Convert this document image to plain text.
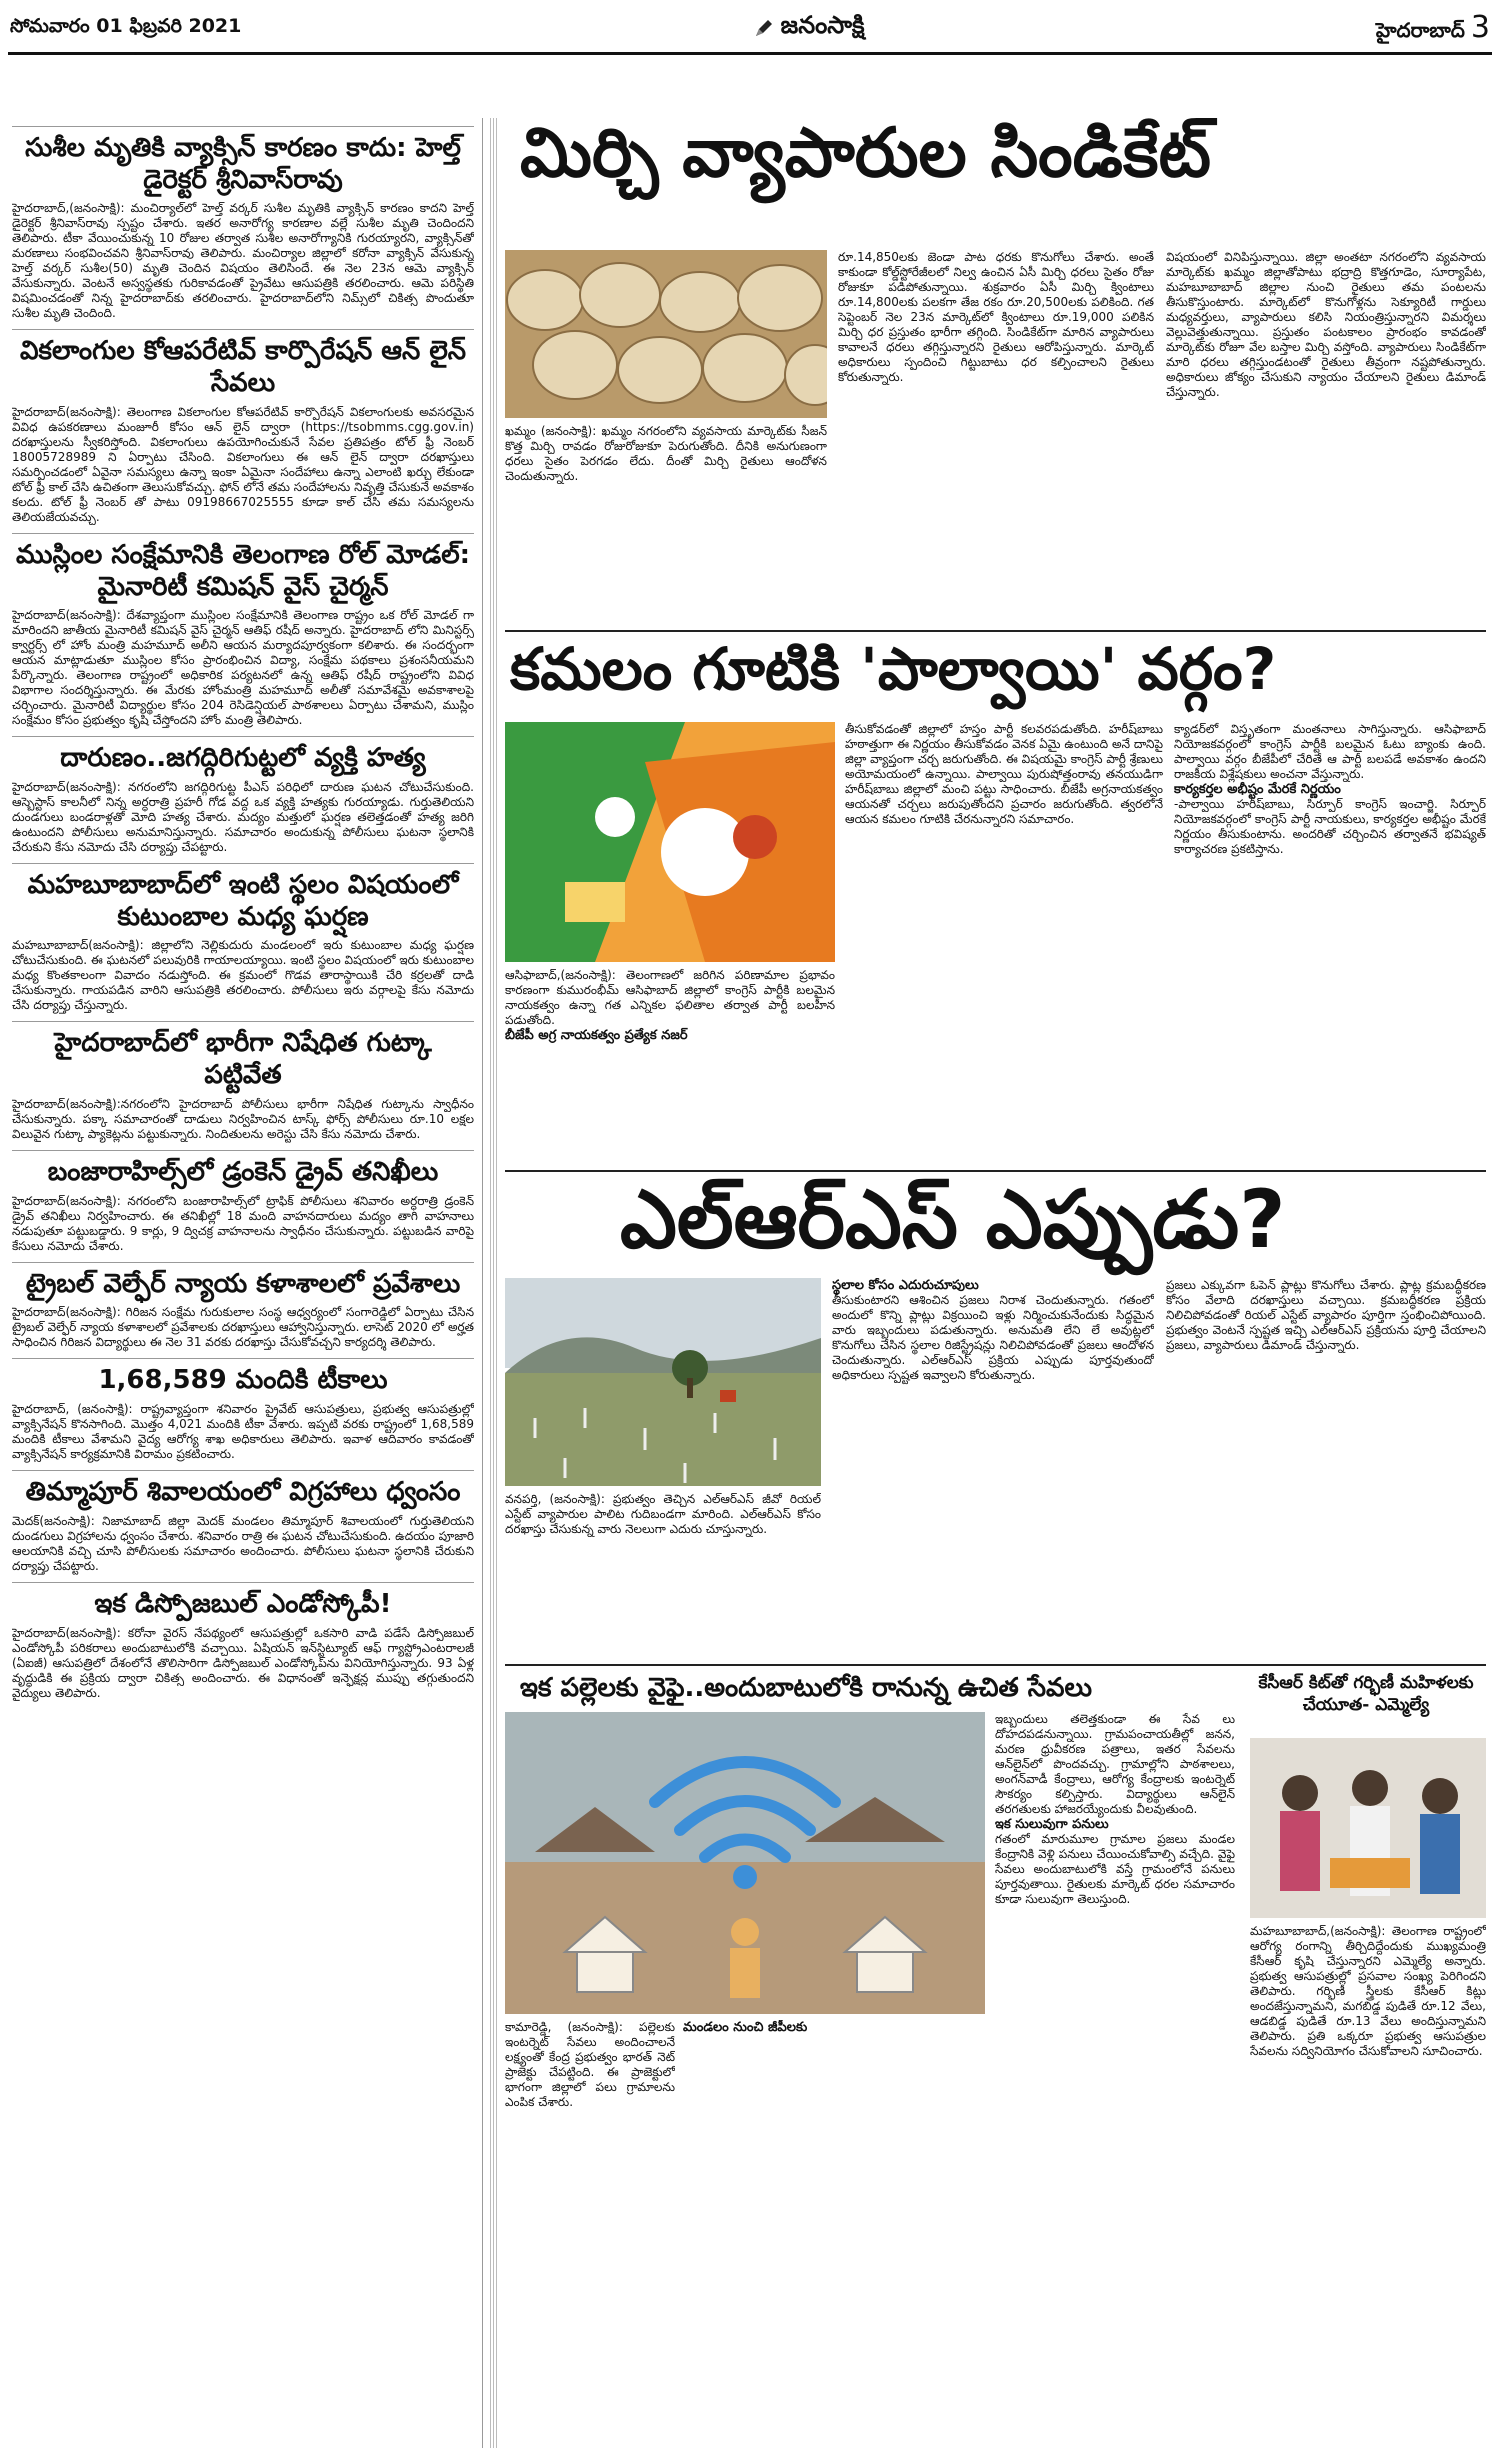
సోమవారం 01 ఫిబ్రవరి 2021	జనంసాక్షి	హైదరాబాద్ 3
సుశీల మృతికి వ్యాక్సిన్ కారణం కాదు: హెల్త్ డైరెక్టర్ శ్రీనివాస్‌రావు

హైదరాబాద్,(జనంసాక్షి): మంచిర్యాల్‌లో హెల్త్ వర్కర్ సుశీల మృతికి వ్యాక్సిన్ కారణం కాదని హెల్త్ డైరెక్టర్ శ్రీనివాస్‌రావు స్పష్టం చేశారు. ఇతర అనారోగ్య కారణాల వల్లే సుశీల మృతి చెందిందని తెలిపారు. టీకా వేయించుకున్న 10 రోజుల తర్వాత సుశీల అనారోగ్యానికి గురయ్యారని, వ్యాక్సిన్‌తో మరణాలు సంభవించవని శ్రీనివాస్‌రావు తెలిపారు. మంచిర్యాల జిల్లాలో కరోనా వ్యాక్సిన్ వేసుకున్న హెల్త్ వర్కర్ సుశీల(50) మృతి చెందిన విషయం తెలిసిందే. ఈ నెల 23న ఆమె వ్యాక్సిన్ వేసుకున్నారు. వెంటనే అస్వస్థతకు గురికావడంతో ప్రైవేటు ఆసుపత్రికి తరలించారు. ఆమె పరిస్థితి విషమించడంతో నిన్న హైదరాబాద్‌కు తరలించారు. హైదరాబాద్‌లోని నిమ్స్‌లో చికిత్స పొందుతూ సుశీల మృతి చెందింది.

వికలాంగుల కోఆపరేటివ్ కార్పొరేషన్ ఆన్ లైన్ సేవలు

హైదరాబాద్(జనంసాక్షి): తెలంగాణ వికలాంగుల కోఆపరేటివ్ కార్పొరేషన్ వికలాంగులకు అవసరమైన వివిధ ఉపకరణాలు మంజూరీ కోసం ఆన్ లైన్ ద్వారా (https://tsobmms.cgg.gov.in) దరఖాస్తులను స్వీకరిస్తోంది. వికలాంగులు ఉపయోగించుకునే సేవల ప్రతిపత్రం టోల్ ఫ్రీ నెంబర్ 18005728989 ని ఏర్పాటు చేసింది. వికలాంగులు ఈ ఆన్ లైన్ ద్వారా దరఖాస్తులు సమర్పించడంలో ఏవైనా సమస్యలు ఉన్నా ఇంకా ఏమైనా సందేహాలు ఉన్నా ఎలాంటి ఖర్చు లేకుండా టోల్ ఫ్రీ కాల్ చేసి ఉచితంగా తెలుసుకోవచ్చు. ఫోన్ లోనే తమ సందేహాలను నివృత్తి చేసుకునే అవకాశం కలదు. టోల్ ఫ్రీ నెంబర్ తో పాటు 09198667025555 కూడా కాల్ చేసి తమ సమస్యలను తెలియజేయవచ్చు.

ముస్లింల సంక్షేమానికి తెలంగాణ రోల్ మోడల్: మైనారిటీ కమిషన్ వైస్ చైర్మన్

హైదరాబాద్(జనంసాక్షి): దేశవ్యాప్తంగా ముస్లింల సంక్షేమానికి తెలంగాణ రాష్ట్రం ఒక రోల్ మోడల్ గా మారిందని జాతీయ మైనారిటీ కమిషన్ వైస్ చైర్మన్ ఆతిఫ్ రషీద్ అన్నారు. హైదరాబాద్ లోని మినిస్టర్స్ క్వార్టర్స్ లో హోం మంత్రి మహమూద్ అలీని ఆయన మర్యాదపూర్వకంగా కలిశారు. ఈ సందర్భంగా ఆయన మాట్లాడుతూ ముస్లింల కోసం ప్రారంభించిన విద్యా, సంక్షేమ పథకాలు ప్రశంసనీయమని పేర్కొన్నారు. తెలంగాణ రాష్ట్రంలో అధికారిక పర్యటనలో ఉన్న ఆతిఫ్ రషీద్ రాష్ట్రంలోని వివిధ విభాగాల సందర్శిస్తున్నారు. ఈ మేరకు హోంమంత్రి మహమూద్ అలీతో సమావేశమై అవకాశాలపై చర్చించారు. మైనారిటీ విద్యార్థుల కోసం 204 రెసిడెన్షియల్ పాఠశాలలు ఏర్పాటు చేశామని, ముస్లిం సంక్షేమం కోసం ప్రభుత్వం కృషి చేస్తోందని హోం మంత్రి తెలిపారు.

దారుణం..జగద్గిరిగుట్టలో వ్యక్తి హత్య

హైదరాబాద్(జనంసాక్షి): నగరంలోని జగద్గిరిగుట్ట పీఎస్ పరిధిలో దారుణ ఘటన చోటుచేసుకుంది. ఆస్బెస్టాస్ కాలనీలో నిన్న అర్ధరాత్రి ప్రహరీ గోడ వద్ద ఒక వ్యక్తి హత్యకు గురయ్యాడు. గుర్తుతెలియని దుండగులు బండరాళ్లతో మోది హత్య చేశారు. మద్యం మత్తులో ఘర్షణ తలెత్తడంతో హత్య జరిగి ఉంటుందని పోలీసులు అనుమానిస్తున్నారు. సమాచారం అందుకున్న పోలీసులు ఘటనా స్థలానికి చేరుకుని కేసు నమోదు చేసి దర్యాప్తు చేపట్టారు.

మహబూబాబాద్‌లో ఇంటి స్థలం విషయంలో కుటుంబాల మధ్య ఘర్షణ

మహబూబాబాద్(జనంసాక్షి): జిల్లాలోని నెల్లికుదురు మండలంలో ఇరు కుటుంబాల మధ్య ఘర్షణ చోటుచేసుకుంది. ఈ ఘటనలో పలువురికి గాయాలయ్యాయి. ఇంటి స్థలం విషయంలో ఇరు కుటుంబాల మధ్య కొంతకాలంగా వివాదం నడుస్తోంది. ఈ క్రమంలో గొడవ తారాస్థాయికి చేరి కర్రలతో దాడి చేసుకున్నారు. గాయపడిన వారిని ఆసుపత్రికి తరలించారు. పోలీసులు ఇరు వర్గాలపై కేసు నమోదు చేసి దర్యాప్తు చేస్తున్నారు.

హైదరాబాద్‌లో భారీగా నిషేధిత గుట్కా పట్టివేత

హైదరాబాద్(జనంసాక్షి):నగరంలోని హైదరాబాద్ పోలీసులు భారీగా నిషేధిత గుట్కాను స్వాధీనం చేసుకున్నారు. పక్కా సమాచారంతో దాడులు నిర్వహించిన టాస్క్ ఫోర్స్ పోలీసులు రూ.10 లక్షల విలువైన గుట్కా ప్యాకెట్లను పట్టుకున్నారు. నిందితులను అరెస్టు చేసి కేసు నమోదు చేశారు.

బంజారాహిల్స్‌లో డ్రంకెన్ డ్రైవ్ తనిఖీలు

హైదరాబాద్(జనంసాక్షి): నగరంలోని బంజారాహిల్స్‌లో ట్రాఫిక్ పోలీసులు శనివారం అర్ధరాత్రి డ్రంకెన్ డ్రైవ్ తనిఖీలు నిర్వహించారు. ఈ తనిఖీల్లో 18 మంది వాహనదారులు మద్యం తాగి వాహనాలు నడుపుతూ పట్టుబడ్డారు. 9 కార్లు, 9 ద్విచక్ర వాహనాలను స్వాధీనం చేసుకున్నారు. పట్టుబడిన వారిపై కేసులు నమోదు చేశారు.

ట్రైబల్ వెల్ఫేర్ న్యాయ కళాశాలలో ప్రవేశాలు

హైదరాబాద్(జనంసాక్షి): గిరిజన సంక్షేమ గురుకులాల సంస్థ ఆధ్వర్యంలో సంగారెడ్డిలో ఏర్పాటు చేసిన ట్రైబల్ వెల్ఫేర్ న్యాయ కళాశాలలో ప్రవేశాలకు దరఖాస్తులు ఆహ్వానిస్తున్నారు. లాసెట్ 2020 లో అర్హత సాధించిన గిరిజన విద్యార్థులు ఈ నెల 31 వరకు దరఖాస్తు చేసుకోవచ్చని కార్యదర్శి తెలిపారు.

1,68,589 మందికి టీకాలు

హైదరాబాద్, (జనంసాక్షి): రాష్ట్రవ్యాప్తంగా శనివారం ప్రైవేట్ ఆసుపత్రులు, ప్రభుత్వ ఆసుపత్రుల్లో వ్యాక్సినేషన్ కొనసాగింది. మొత్తం 4,021 మందికి టీకా వేశారు. ఇప్పటి వరకు రాష్ట్రంలో 1,68,589 మందికి టీకాలు వేశామని వైద్య ఆరోగ్య శాఖ అధికారులు తెలిపారు. ఇవాళ ఆదివారం కావడంతో వ్యాక్సినేషన్ కార్యక్రమానికి విరామం ప్రకటించారు.

తిమ్మాపూర్ శివాలయంలో విగ్రహాలు ధ్వంసం

మెదక్(జనంసాక్షి): నిజామాబాద్ జిల్లా మెదక్ మండలం తిమ్మాపూర్ శివాలయంలో గుర్తుతెలియని దుండగులు విగ్రహాలను ధ్వంసం చేశారు. శనివారం రాత్రి ఈ ఘటన చోటుచేసుకుంది. ఉదయం పూజారి ఆలయానికి వచ్చి చూసి పోలీసులకు సమాచారం అందించారు. పోలీసులు ఘటనా స్థలానికి చేరుకుని దర్యాప్తు చేపట్టారు.

ఇక డిస్పోజబుల్ ఎండోస్కోపీ!

హైదరాబాద్(జనంసాక్షి): కరోనా వైరస్ నేపథ్యంలో ఆసుపత్రుల్లో ఒకసారి వాడి పడేసే డిస్పోజబుల్ ఎండోస్కోపీ పరికరాలు అందుబాటులోకి వచ్చాయి. ఏషియన్ ఇన్‌స్టిట్యూట్ ఆఫ్ గ్యాస్ట్రోఎంటరాలజీ (ఏఐజీ) ఆసుపత్రిలో దేశంలోనే తొలిసారిగా డిస్పోజబుల్ ఎండోస్కోప్‌ను వినియోగిస్తున్నారు. 93 ఏళ్ల వృద్ధుడికి ఈ ప్రక్రియ ద్వారా చికిత్స అందించారు. ఈ విధానంతో ఇన్ఫెక్షన్ల ముప్పు తగ్గుతుందని వైద్యులు తెలిపారు.

మిర్చి వ్యాపారుల సిండికేట్

ఖమ్మం (జనంసాక్షి): ఖమ్మం నగరంలోని వ్యవసాయ మార్కెట్‌కు సీజన్ కొత్త మిర్చి రావడం రోజురోజుకూ పెరుగుతోంది. దీనికి అనుగుణంగా ధరలు సైతం పెరగడం లేదు. దీంతో మిర్చి రైతులు ఆందోళన చెందుతున్నారు.

రూ.14,850లకు జెండా పాట ధరకు కొనుగోలు చేశారు. అంతే కాకుండా కోల్డ్‌స్టోరేజీలలో నిల్వ ఉంచిన ఏసీ మిర్చి ధరలు సైతం రోజు రోజుకూ పడిపోతున్నాయి. శుక్రవారం ఏసీ మిర్చి క్వింటాలు రూ.14,800లకు పలకగా తేజ రకం రూ.20,500లకు పలికింది. గత సెప్టెంబర్ నెల 23న మార్కెట్‌లో క్వింటాలు రూ.19,000 పలికిన మిర్చి ధర ప్రస్తుతం భారీగా తగ్గింది. సిండికేట్‌గా మారిన వ్యాపారులు కావాలనే ధరలు తగ్గిస్తున్నారని రైతులు ఆరోపిస్తున్నారు. మార్కెట్ అధికారులు స్పందించి గిట్టుబాటు ధర కల్పించాలని రైతులు కోరుతున్నారు.

విషయంలో వినిపిస్తున్నాయి. జిల్లా అంతటా నగరంలోని వ్యవసాయ మార్కెట్‌కు ఖమ్మం జిల్లాతోపాటు భద్రాద్రి కొత్తగూడెం, సూర్యాపేట, మహబూబాబాద్ జిల్లాల నుంచి రైతులు తమ పంటలను తీసుకొస్తుంటారు. మార్కెట్‌లో కొనుగోళ్లను సెక్యూరిటీ గార్డులు మధ్యవర్తులు, వ్యాపారులు కలిసి నియంత్రిస్తున్నారని విమర్శలు వెల్లువెత్తుతున్నాయి. ప్రస్తుతం పంటకాలం ప్రారంభం కావడంతో మార్కెట్‌కు రోజూ వేల బస్తాల మిర్చి వస్తోంది. వ్యాపారులు సిండికేట్‌గా మారి ధరలు తగ్గిస్తుండటంతో రైతులు తీవ్రంగా నష్టపోతున్నారు. అధికారులు జోక్యం చేసుకుని న్యాయం చేయాలని రైతులు డిమాండ్ చేస్తున్నారు.

కమలం గూటికి 'పాల్వాయి' వర్గం?

ఆసిఫాబాద్,(జనంసాక్షి): తెలంగాణలో జరిగిన పరిణామాల ప్రభావం కారణంగా కుమురంభీమ్ ఆసిఫాబాద్ జిల్లాలో కాంగ్రెస్ పార్టీకి బలమైన నాయకత్వం ఉన్నా గత ఎన్నికల ఫలితాల తర్వాత పార్టీ బలహీన పడుతోంది.
బీజేపీ అగ్ర నాయకత్వం ప్రత్యేక నజర్

తీసుకోవడంతో జిల్లాలో హస్తం పార్టీ కలవరపడుతోంది. హరీష్‌బాబు హఠాత్తుగా ఈ నిర్ణయం తీసుకోవడం వెనక ఏమై ఉంటుంది అనే దానిపై జిల్లా వ్యాప్తంగా చర్చ జరుగుతోంది. ఈ విషయమై కాంగ్రెస్ పార్టీ శ్రేణులు అయోమయంలో ఉన్నాయి. పాల్వాయి పురుషోత్తంరావు తనయుడిగా హరీష్‌బాబు జిల్లాలో మంచి పట్టు సాధించారు. బీజేపీ అగ్రనాయకత్వం ఆయనతో చర్చలు జరుపుతోందని ప్రచారం జరుగుతోంది. త్వరలోనే ఆయన కమలం గూటికి చేరనున్నారని సమాచారం.

క్యాడర్‌లో విస్తృతంగా మంతనాలు సాగిస్తున్నారు. ఆసిఫాబాద్ నియోజకవర్గంలో కాంగ్రెస్ పార్టీకి బలమైన ఓటు బ్యాంకు ఉంది. పాల్వాయి వర్గం బీజేపీలో చేరితే ఆ పార్టీ బలపడే అవకాశం ఉందని రాజకీయ విశ్లేషకులు అంచనా వేస్తున్నారు.
కార్యకర్తల అభీష్టం మేరకే నిర్ణయం
-పాల్వాయి హరీష్‌బాబు, సిర్పూర్ కాంగ్రెస్ ఇంచార్జి. సిర్పూర్ నియోజకవర్గంలో కాంగ్రెస్ పార్టీ నాయకులు, కార్యకర్తల అభీష్టం మేరకే నిర్ణయం తీసుకుంటాను. అందరితో చర్చించిన తర్వాతనే భవిష్యత్ కార్యాచరణ ప్రకటిస్తాను.
ఎల్ఆర్ఎస్ ఎప్పుడు?

వనపర్తి, (జనంసాక్షి): ప్రభుత్వం తెచ్చిన ఎల్ఆర్ఎస్ జీవో రియల్ ఎస్టేట్ వ్యాపారుల పాలిట గుదిబండగా మారింది. ఎల్ఆర్ఎస్ కోసం దరఖాస్తు చేసుకున్న వారు నెలలుగా ఎదురు చూస్తున్నారు.

స్థలాల కోసం ఎదురుచూపులు
తీసుకుంటారని ఆశించిన ప్రజలు నిరాశ చెందుతున్నారు. గతంలో అందులో కొన్ని ప్లాట్లు విక్రయించి ఇళ్లు నిర్మించుకునేందుకు సిద్ధమైన వారు ఇబ్బందులు పడుతున్నారు. అనుమతి లేని లే అవుట్లలో కొనుగోలు చేసిన స్థలాల రిజిస్ట్రేషన్లు నిలిచిపోవడంతో ప్రజలు ఆందోళన చెందుతున్నారు. ఎల్ఆర్ఎస్ ప్రక్రియ ఎప్పుడు పూర్తవుతుందో అధికారులు స్పష్టత ఇవ్వాలని కోరుతున్నారు.

ప్రజలు ఎక్కువగా ఓపెన్ ప్లాట్లు కొనుగోలు చేశారు. ప్లాట్ల క్రమబద్ధీకరణ కోసం వేలాది దరఖాస్తులు వచ్చాయి. క్రమబద్ధీకరణ ప్రక్రియ నిలిచిపోవడంతో రియల్ ఎస్టేట్ వ్యాపారం పూర్తిగా స్తంభించిపోయింది. ప్రభుత్వం వెంటనే స్పష్టత ఇచ్చి ఎల్ఆర్ఎస్ ప్రక్రియను పూర్తి చేయాలని ప్రజలు, వ్యాపారులు డిమాండ్ చేస్తున్నారు.

ఇక పల్లెలకు వైఫై..అందుబాటులోకి రానున్న ఉచిత సేవలు

కామారెడ్డి, (జనంసాక్షి): పల్లెలకు ఇంటర్నెట్ సేవలు అందించాలనే లక్ష్యంతో కేంద్ర ప్రభుత్వం భారత్ నెట్ ప్రాజెక్టు చేపట్టింది. ఈ ప్రాజెక్టులో భాగంగా జిల్లాలో పలు గ్రామాలను ఎంపిక చేశారు.

మండలం నుంచి జీపీలకు
ఇబ్బందులు తలెత్తకుండా ఈ సేవ లు దోహదపడనున్నాయి. గ్రామపంచాయతీల్లో జనన, మరణ ధ్రువీకరణ పత్రాలు, ఇతర సేవలను ఆన్‌లైన్‌లో పొందవచ్చు. గ్రామాల్లోని పాఠశాలలు, అంగన్‌వాడీ కేంద్రాలు, ఆరోగ్య కేంద్రాలకు ఇంటర్నెట్ సౌకర్యం కల్పిస్తారు. విద్యార్థులు ఆన్‌లైన్ తరగతులకు హాజరయ్యేందుకు వీలవుతుంది.
ఇక సులువుగా పనులు
గతంలో మారుమూల గ్రామాల ప్రజలు మండల కేంద్రానికి వెళ్లి పనులు చేయించుకోవాల్సి వచ్చేది. వైఫై సేవలు అందుబాటులోకి వస్తే గ్రామంలోనే పనులు పూర్తవుతాయి. రైతులకు మార్కెట్ ధరల సమాచారం కూడా సులువుగా తెలుస్తుంది.
కేసీఆర్ కిట్‌తో గర్భిణీ మహిళలకు చేయూత- ఎమ్మెల్యే

మహబూబాబాద్,(జనంసాక్షి): తెలంగాణ రాష్ట్రంలో ఆరోగ్య రంగాన్ని తీర్చిదిద్దేందుకు ముఖ్యమంత్రి కేసీఆర్ కృషి చేస్తున్నారని ఎమ్మెల్యే అన్నారు. ప్రభుత్వ ఆసుపత్రుల్లో ప్రసవాల సంఖ్య పెరిగిందని తెలిపారు. గర్భిణీ స్త్రీలకు కేసీఆర్ కిట్లు అందజేస్తున్నామని, మగబిడ్డ పుడితే రూ.12 వేలు, ఆడబిడ్డ పుడితే రూ.13 వేలు అందిస్తున్నామని తెలిపారు. ప్రతి ఒక్కరూ ప్రభుత్వ ఆసుపత్రుల సేవలను సద్వినియోగం చేసుకోవాలని సూచించారు.
